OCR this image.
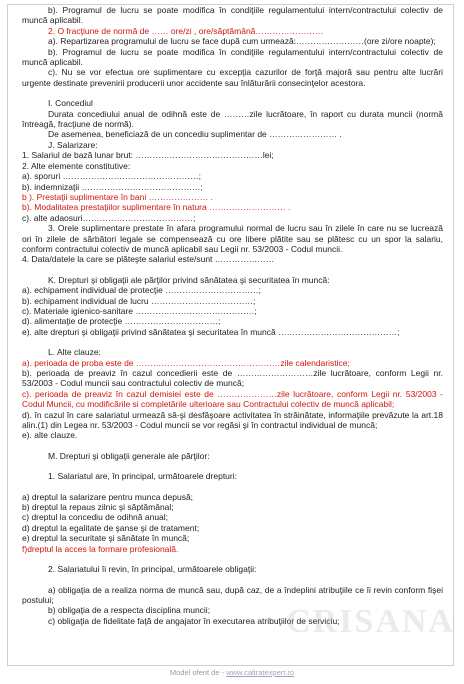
b). Programul de lucru se poate modifica în condiţiile regulamentului intern/contractului colectiv de muncă aplicabil.

2. O fracţiune de normă de …… ore/zi , ore/săptămână……………………

a). Repartizarea programului de lucru se face după cum urmează:……………………(ore zi/ore noapte);

b). Programul de lucru se poate modifica în condiţiile regulamentului intern/contractului colectiv de muncă aplicabil.

c). Nu se vor efectua ore suplimentare cu excepţia cazurilor de forţă majoră sau pentru alte lucrări urgente destinate prevenirii producerii unor accidente sau înlăturării consecinţelor acestora.

I. Concediul

Durata concediului anual de odihnă este de ………zile lucrătoare, în raport cu durata muncii (normă întreagă, fracţiune de normă).

De asemenea, beneficiază de un concediu suplimentar de …………………… .

J. Salarizare:

1. Salariul de bază lunar brut: ………………………………………lei;

2. Alte elemente constitutive:

a). sporuri …………………………………………;

b). indemnizaţii ……………………………………;

b ). Prestaţii suplimentare în bani ………………… .

b). Modalitatea prestaţiilor suplimentare în natura ……………………… .

c). alte adaosuri…………………………………;

3. Orele suplimentare prestate în afara programului normal de lucru sau în zilele în care nu se lucrează ori în zilele de sărbători legale se compensează cu ore libere plătite sau se plătesc cu un spor la salariu, conform contractului colectiv de muncă aplicabil sau Legii nr. 53/2003 - Codul muncii.

4. Data/datele la care se plăteşte salariul este/sunt …………………

K. Drepturi şi obligaţii ale părţilor privind sănătatea şi securitatea în muncă:

a). echipament individual de protecţie ……………………………;

b). echipament individual de lucru ………………………………;

c). Materiale igienico-sanitare ……………………………………;

d). alimentaţie de protecţie ……………………………;

e). alte drepturi şi obligaţii privind sănătatea şi securitatea în muncă ……………………………………;

L. Alte clauze:

a). perioada de proba este de ……………………………………………zile calendaristice;

b). perioada de preaviz în cazul concedierii este de ………………………zile lucrătoare, conform Legii nr. 53/2003 - Codul muncii sau contractului colectiv de muncă;

c). perioada de preaviz în cazul demisiei este de …………………zile lucrătoare, conform Legii nr. 53/2003 - Codul Muncii, cu modificările si completările ulterioare sau Contractului colectiv de muncă aplicabil;

d). în cazul în care salariatul urmează să-şi desfăşoare activitatea în străinătate, informaţiile prevăzute la art.18 alin.(1) din Legea nr. 53/2003 - Codul muncii se vor regăsi şi în contractul individual de muncă;

e). alte clauze.

M. Drepturi şi obligaţii generale ale părţilor:

1. Salariatul are, în principal, următoarele drepturi:

a) dreptul la salarizare pentru munca depusă;

b) dreptul la repaus zilnic şi săptămânal;

c) dreptul la concediu de odihnă anual;

d) dreptul la egalitate de şanse şi de tratament;

e) dreptul la securitate şi sănătate în muncă;

f)dreptul la acces la formare profesională.

2. Salariatului îi revin, în principal, următoarele obligaţii:

a) obligaţia de a realiza norma de muncă sau, după caz, de a îndeplini atribuţiile ce îi revin conform fişei postului;

b) obligaţia de a respecta disciplina muncii;

c) obligaţia de fidelitate faţă de angajator în executarea atribuţiilor de serviciu;

CRISANA
Model oferit de - www.caltratexpert.ro
